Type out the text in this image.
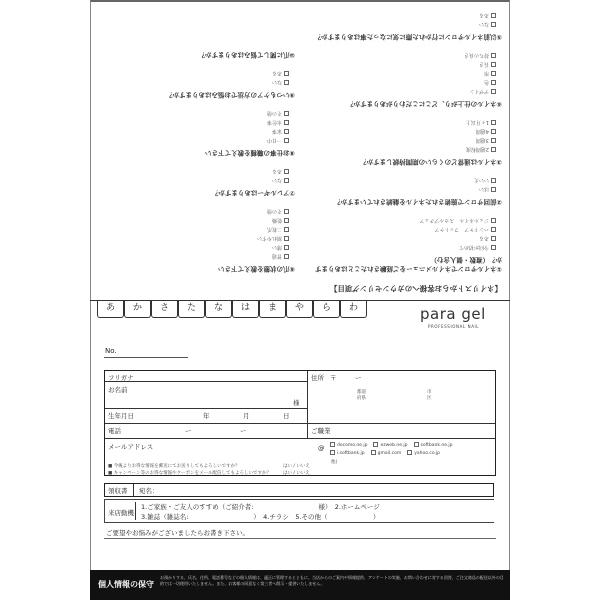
【ネイリストからお客様へのカウンセリング項目】
①ネイルサロンでネイルメニューをご経験されたことはありますか？（複数・個人含む）
今回が初めて
ある
ハンドケア　フットケア
ジェルネイル　スカルプチュア
②前回サロンで施術されたネイルを継続されていますか？
はい
いいえ
③ネイルは通常どのくらいの期間持続しますか？
2週間程度
3週間
4週間
1ヶ月以上
④ネイルの仕上がり、どこにこだわりがありますか？
デザイン
色
形
長さ
持ちの良さ
⑤以前ネイルサロンに行かれた際に気になった事はありますか？
ない
ある
⑥爪の状態を教えて下さい
普通
薄い
割れやすい
二枚爪
乾燥
その他
⑦アレルギーはありますか？
ない
ある
⑧お仕事の職種を教えて下さい
一日中
家事
水仕事
その他
⑨いつもケアの方法でお悩みはありますか？
ない
ある
⑩爪に関して悩みはありますか？
あ	か	さ	た	な	は	ま	や	ら	わ	para gel
PROFESSIONAL NAIL
No.
フリガナ
お名前
様
生年月日	年	月	日
電話	ー	ー
住所 〒	ー
都道府県
市区
ご職業
メールアドレス	@	docomo.ne.jp	ezweb.ne.jp	softbank.ne.jpi.softbank.jp	gmail.com	yahoo.co.jp
他(
■ 今後よりお得な情報を郵送にてお送りしてもよろしいですか？
■ キャンペーン等のお得な情報やクーポンをメール配信してもよろしいですか？
はい / いいえ
はい / いいえ
領収書 宛名：
来店動機
1.ご家族・ご友人のすすめ（ご紹介者:　　　　　　　　　　様）　2.ホームページ
3.雑誌（雑誌名:　　　　　　　　　　）　4.チラシ　5.その他（　　　　　　　）
ご要望やお悩みがございましたらお書き下さい。
個人情報の保守
お預かりする、氏名、住所、電話番号などの個人情報は、適正に管理するとともに、当店からのご案内や情報提供、アンケートの実施、お問い合わせに対する回答、ご注文商品の配送以外の目的では一切使用いたしません。また、お客様の同意なく第三者へ開示・提供いたしません。
